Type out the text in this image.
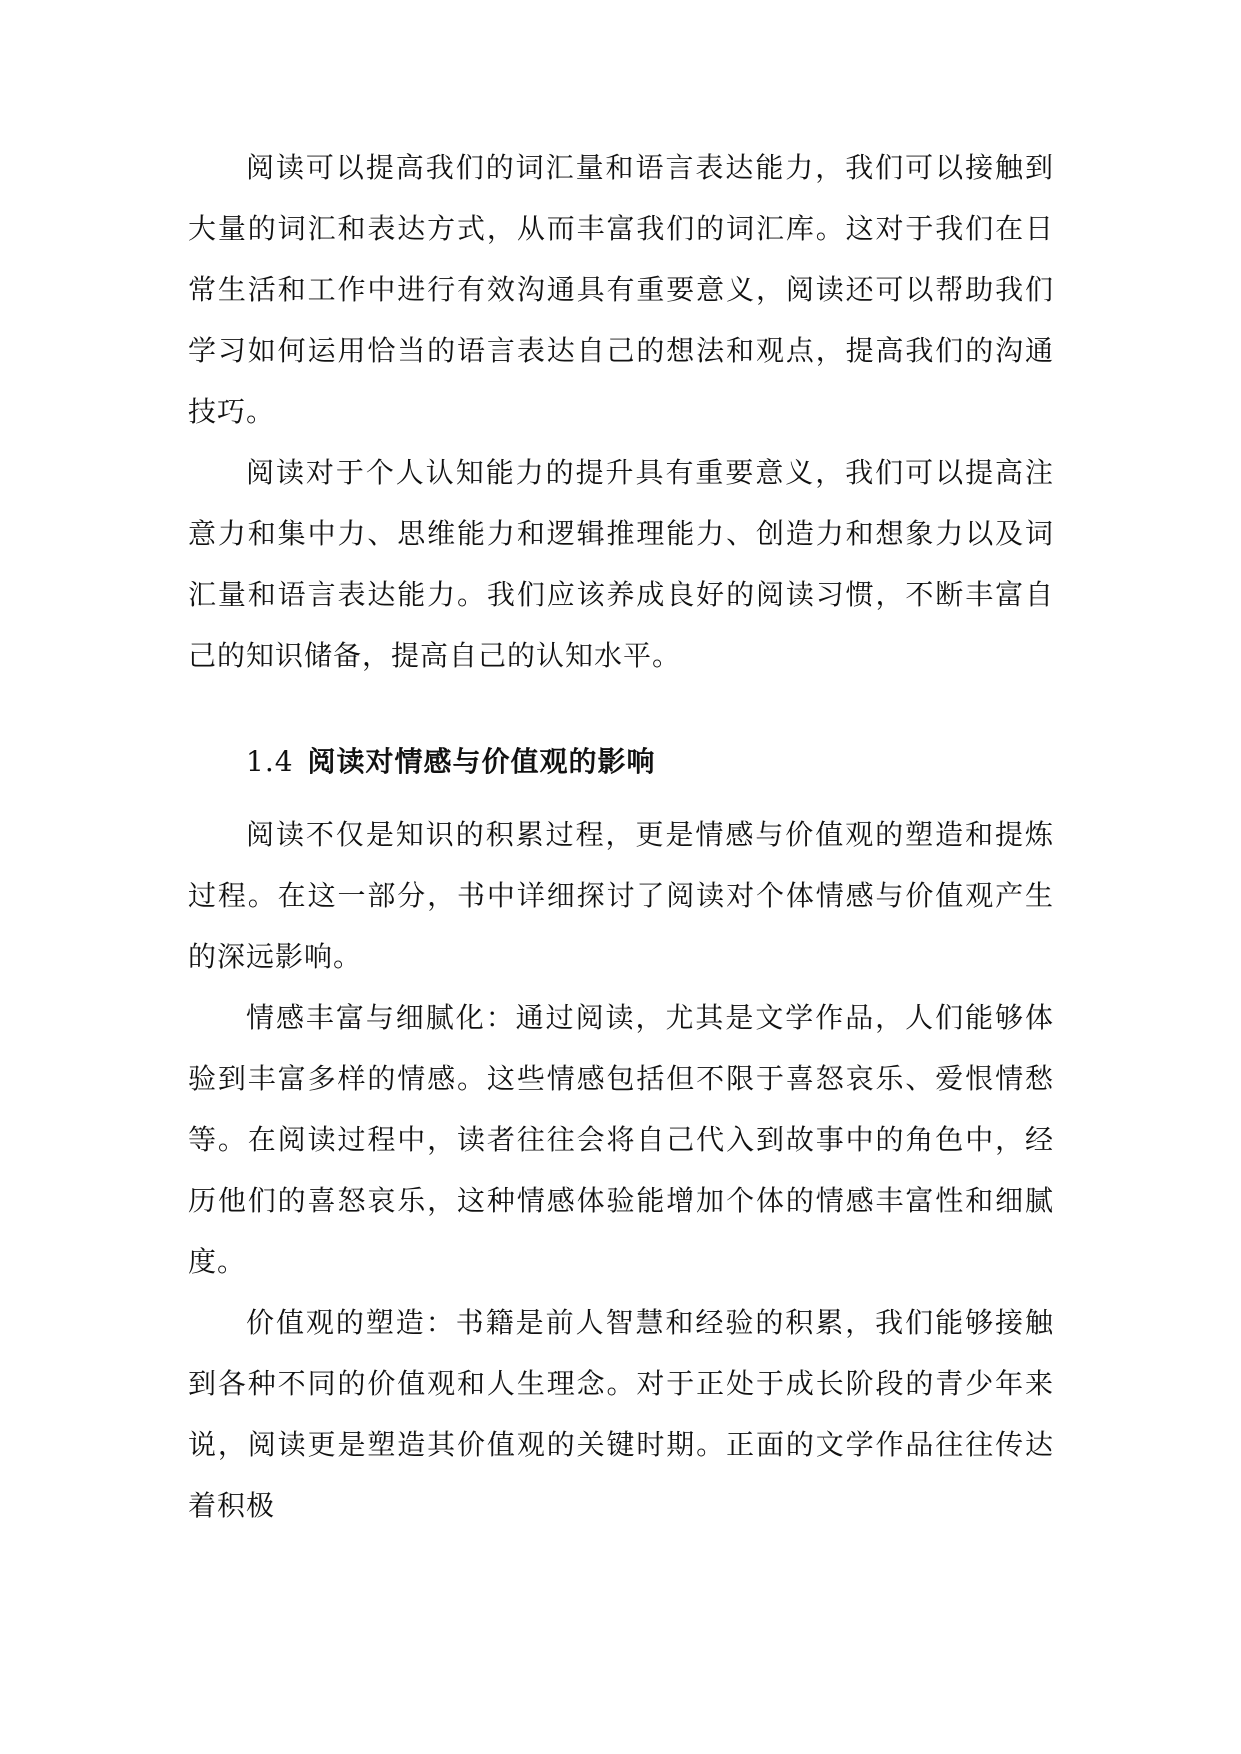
阅读可以提高我们的词汇量和语言表达能力，我们可以接触到大量的词汇和表达方式，从而丰富我们的词汇库。这对于我们在日常生活和工作中进行有效沟通具有重要意义，阅读还可以帮助我们学习如何运用恰当的语言表达自己的想法和观点，提高我们的沟通技巧。

阅读对于个人认知能力的提升具有重要意义，我们可以提高注意力和集中力、思维能力和逻辑推理能力、创造力和想象力以及词汇量和语言表达能力。我们应该养成良好的阅读习惯，不断丰富自己的知识储备，提高自己的认知水平。

1.4 阅读对情感与价值观的影响

阅读不仅是知识的积累过程，更是情感与价值观的塑造和提炼过程。在这一部分，书中详细探讨了阅读对个体情感与价值观产生的深远影响。

情感丰富与细腻化：通过阅读，尤其是文学作品，人们能够体验到丰富多样的情感。这些情感包括但不限于喜怒哀乐、爱恨情愁等。在阅读过程中，读者往往会将自己代入到故事中的角色中，经历他们的喜怒哀乐，这种情感体验能增加个体的情感丰富性和细腻度。

价值观的塑造：书籍是前人智慧和经验的积累，我们能够接触到各种不同的价值观和人生理念。对于正处于成长阶段的青少年来说，阅读更是塑造其价值观的关键时期。正面的文学作品往往传达着积极
